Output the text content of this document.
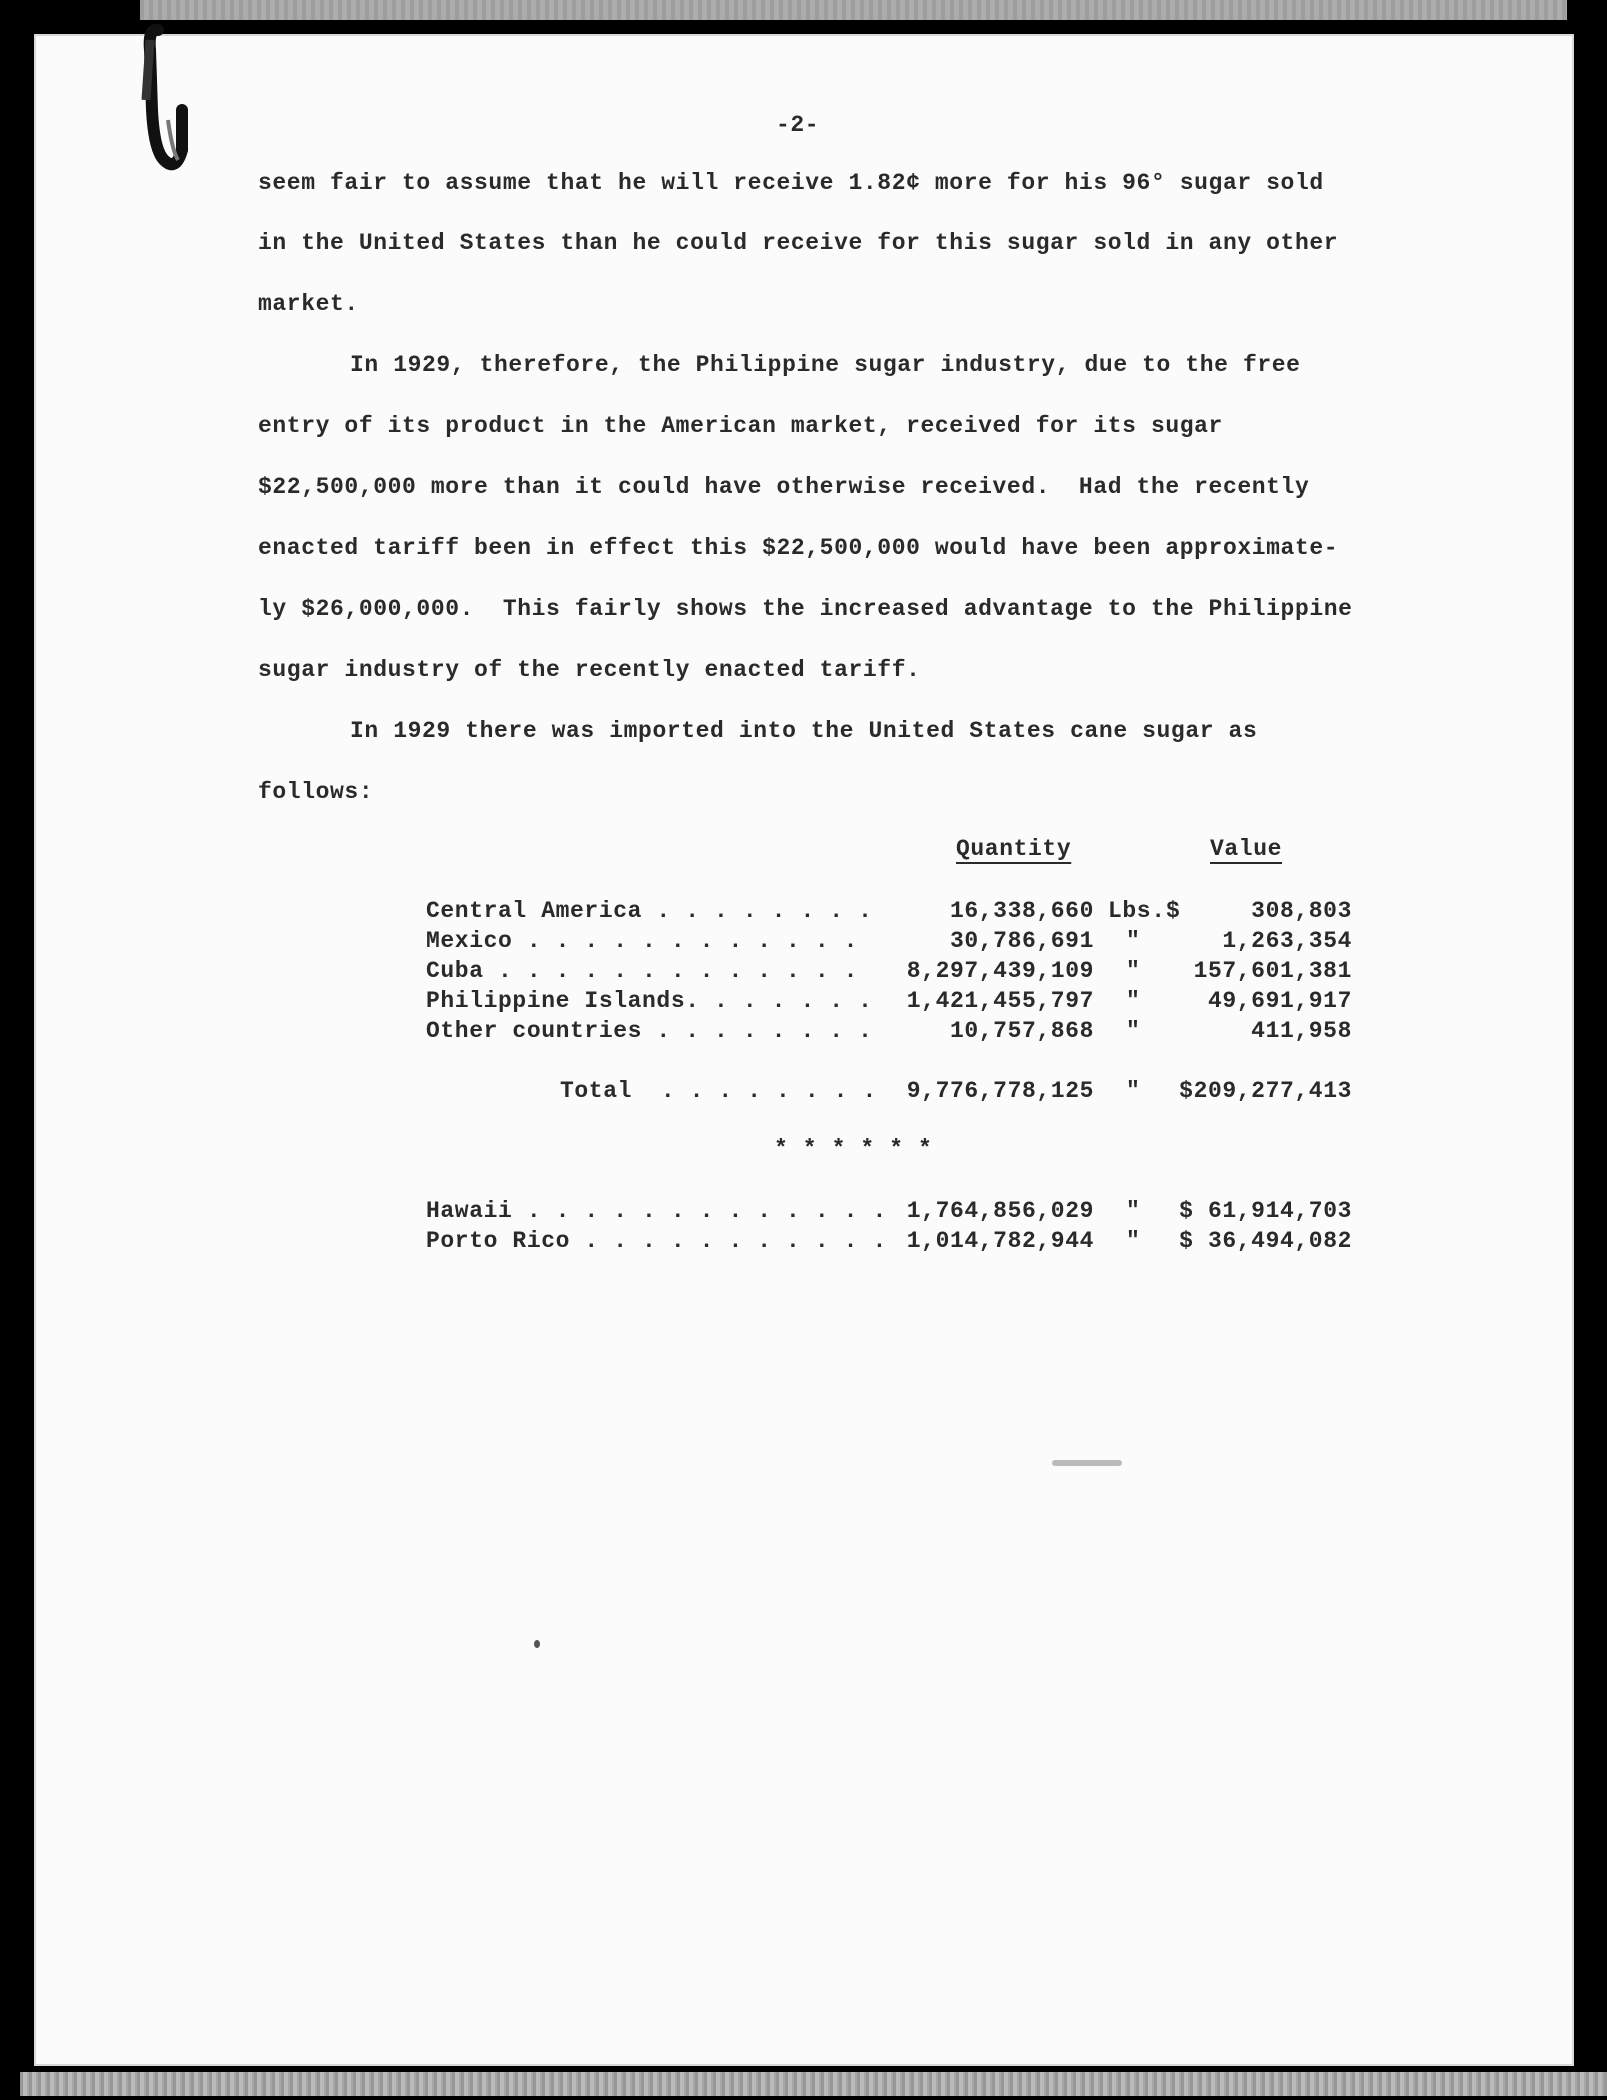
-2-
seem fair to assume that he will receive 1.82¢ more for his 96° sugar sold
in the United States than he could receive for this sugar sold in any other
market.
In 1929, therefore, the Philippine sugar industry, due to the free
entry of its product in the American market, received for its sugar
$22,500,000 more than it could have otherwise received.  Had the recently
enacted tariff been in effect this $22,500,000 would have been approximate-
ly $26,000,000.  This fairly shows the increased advantage to the Philippine
sugar industry of the recently enacted tariff.
In 1929 there was imported into the United States cane sugar as
follows:
Quantity	Value
Central America . . . . . . . .	16,338,660 Lbs. $	308,803
Mexico . . . . . . . . . . . .	30,786,691 "	1,263,354
Cuba . . . . . . . . . . . . .	8,297,439,109 "	157,601,381
Philippine Islands. . . . . . .	1,421,455,797 "	49,691,917
Other countries . . . . . . . .	10,757,868 "	411,958
Total  . . . . . . . .	9,776,778,125 "	$209,277,413
* * * * * *
Hawaii . . . . . . . . . . . . . 1,764,856,029 "	$ 61,914,703
Porto Rico . . . . . . . . . . . 1,014,782,944 "	$ 36,494,082
